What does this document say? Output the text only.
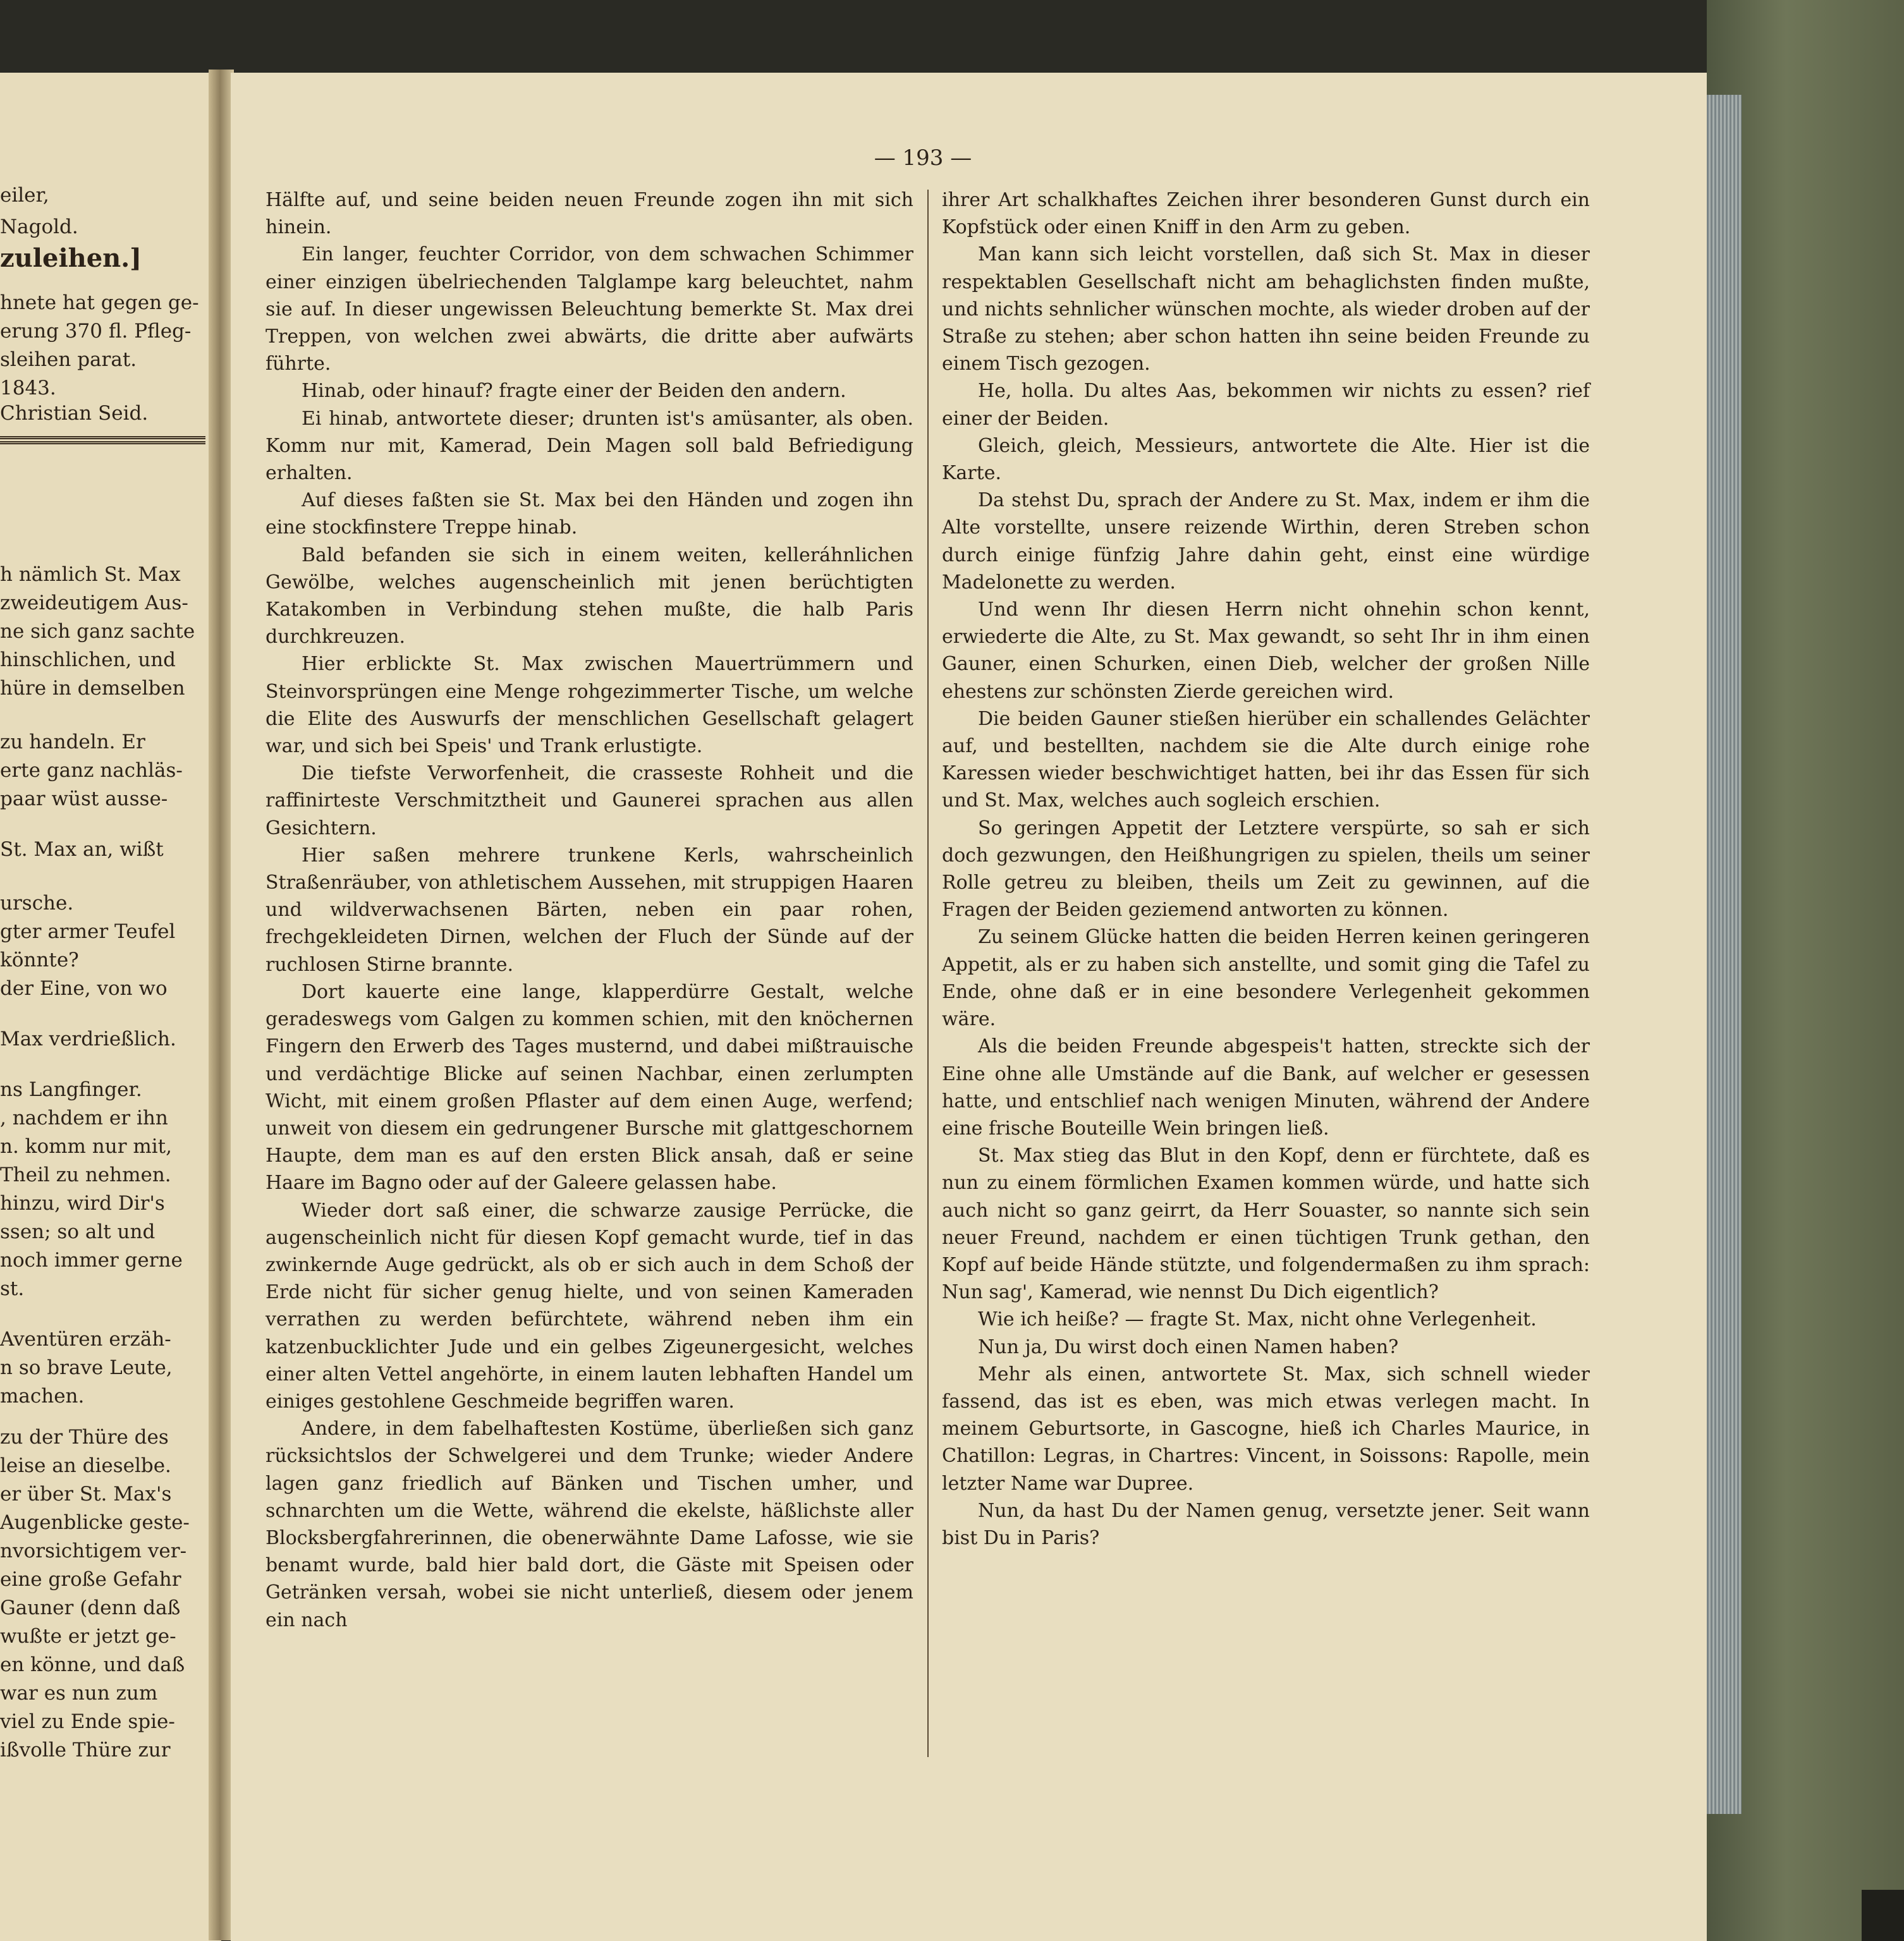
eiler,
Nagold.
zuleihen.]
hnete hat gegen ge-
erung 370 fl. Pfleg-
sleihen parat.
1843.
Christian Seid.
h nämlich St. Max
zweideutigem Aus-
ne sich ganz sachte
hinschlichen, und
hüre in demselben
zu handeln. Er
erte ganz nachläs-
paar wüst ausse-
St. Max an, wißt
ursche.
gter armer Teufel
könnte?
der Eine, von wo
Max verdrießlich.
ns Langfinger.
, nachdem er ihn
n. komm nur mit,
Theil zu nehmen.
hinzu, wird Dir's
ssen; so alt und
noch immer gerne
st.
Aventüren erzäh-
n so brave Leute,
machen.
zu der Thüre des
leise an dieselbe.
er über St. Max's
Augenblicke geste-
nvorsichtigem ver-
eine große Gefahr
Gauner (denn daß
wußte er jetzt ge-
en könne, und daß
war es nun zum
viel zu Ende spie-
ißvolle Thüre zur
— 193 —

Hälfte auf, und seine beiden neuen Freunde zogen ihn mit sich hinein.

Ein langer, feuchter Corridor, von dem schwachen Schimmer einer einzigen übelriechenden Talglampe karg beleuchtet, nahm sie auf. In dieser ungewissen Beleuchtung bemerkte St. Max drei Treppen, von welchen zwei abwärts, die dritte aber aufwärts führte.

Hinab, oder hinauf? fragte einer der Beiden den andern.

Ei hinab, antwortete dieser; drunten ist's amüsanter, als oben. Komm nur mit, Kamerad, Dein Magen soll bald Befriedigung erhalten.

Auf dieses faßten sie St. Max bei den Händen und zogen ihn eine stockfinstere Treppe hinab.

Bald befanden sie sich in einem weiten, kelleráhnlichen Gewölbe, welches augenscheinlich mit jenen berüchtigten Katakomben in Verbindung stehen mußte, die halb Paris durchkreuzen.

Hier erblickte St. Max zwischen Mauertrümmern und Steinvorsprüngen eine Menge rohgezimmerter Tische, um welche die Elite des Auswurfs der menschlichen Gesellschaft gelagert war, und sich bei Speis' und Trank erlustigte.

Die tiefste Verworfenheit, die crasseste Rohheit und die raffinirteste Verschmitztheit und Gaunerei sprachen aus allen Gesichtern.

Hier saßen mehrere trunkene Kerls, wahrscheinlich Straßenräuber, von athletischem Aussehen, mit struppigen Haaren und wildverwachsenen Bärten, neben ein paar rohen, frechgekleideten Dirnen, welchen der Fluch der Sünde auf der ruchlosen Stirne brannte.

Dort kauerte eine lange, klapperdürre Gestalt, welche geradeswegs vom Galgen zu kommen schien, mit den knöchernen Fingern den Erwerb des Tages musternd, und dabei mißtrauische und verdächtige Blicke auf seinen Nachbar, einen zerlumpten Wicht, mit einem großen Pflaster auf dem einen Auge, werfend; unweit von diesem ein gedrungener Bursche mit glattgeschornem Haupte, dem man es auf den ersten Blick ansah, daß er seine Haare im Bagno oder auf der Galeere gelassen habe.

Wieder dort saß einer, die schwarze zausige Perrücke, die augenscheinlich nicht für diesen Kopf gemacht wurde, tief in das zwinkernde Auge gedrückt, als ob er sich auch in dem Schoß der Erde nicht für sicher genug hielte, und von seinen Kameraden verrathen zu werden befürchtete, während neben ihm ein katzenbucklichter Jude und ein gelbes Zigeunergesicht, welches einer alten Vettel angehörte, in einem lauten lebhaften Handel um einiges gestohlene Geschmeide begriffen waren.

Andere, in dem fabelhaftesten Kostüme, überließen sich ganz rücksichtslos der Schwelgerei und dem Trunke; wieder Andere lagen ganz friedlich auf Bänken und Tischen umher, und schnarchten um die Wette, während die ekelste, häßlichste aller Blocksbergfahrerinnen, die obenerwähnte Dame Lafosse, wie sie benamt wurde, bald hier bald dort, die Gäste mit Speisen oder Getränken versah, wobei sie nicht unterließ, diesem oder jenem ein nach

ihrer Art schalkhaftes Zeichen ihrer besonderen Gunst durch ein Kopfstück oder einen Kniff in den Arm zu geben.

Man kann sich leicht vorstellen, daß sich St. Max in dieser respektablen Gesellschaft nicht am behaglichsten finden mußte, und nichts sehnlicher wünschen mochte, als wieder droben auf der Straße zu stehen; aber schon hatten ihn seine beiden Freunde zu einem Tisch gezogen.

He, holla. Du altes Aas, bekommen wir nichts zu essen? rief einer der Beiden.

Gleich, gleich, Messieurs, antwortete die Alte. Hier ist die Karte.

Da stehst Du, sprach der Andere zu St. Max, indem er ihm die Alte vorstellte, unsere reizende Wirthin, deren Streben schon durch einige fünfzig Jahre dahin geht, einst eine würdige Madelonette zu werden.

Und wenn Ihr diesen Herrn nicht ohnehin schon kennt, erwiederte die Alte, zu St. Max gewandt, so seht Ihr in ihm einen Gauner, einen Schurken, einen Dieb, welcher der großen Nille ehestens zur schönsten Zierde gereichen wird.

Die beiden Gauner stießen hierüber ein schallendes Gelächter auf, und bestellten, nachdem sie die Alte durch einige rohe Karessen wieder beschwichtiget hatten, bei ihr das Essen für sich und St. Max, welches auch sogleich erschien.

So geringen Appetit der Letztere verspürte, so sah er sich doch gezwungen, den Heißhungrigen zu spielen, theils um seiner Rolle getreu zu bleiben, theils um Zeit zu gewinnen, auf die Fragen der Beiden geziemend antworten zu können.

Zu seinem Glücke hatten die beiden Herren keinen geringeren Appetit, als er zu haben sich anstellte, und somit ging die Tafel zu Ende, ohne daß er in eine besondere Verlegenheit gekommen wäre.

Als die beiden Freunde abgespeis't hatten, streckte sich der Eine ohne alle Umstände auf die Bank, auf welcher er gesessen hatte, und entschlief nach wenigen Minuten, während der Andere eine frische Bouteille Wein bringen ließ.

St. Max stieg das Blut in den Kopf, denn er fürchtete, daß es nun zu einem förmlichen Examen kommen würde, und hatte sich auch nicht so ganz geirrt, da Herr Souaster, so nannte sich sein neuer Freund, nachdem er einen tüchtigen Trunk gethan, den Kopf auf beide Hände stützte, und folgendermaßen zu ihm sprach: Nun sag', Kamerad, wie nennst Du Dich eigentlich?

Wie ich heiße? — fragte St. Max, nicht ohne Verlegenheit.

Nun ja, Du wirst doch einen Namen haben?

Mehr als einen, antwortete St. Max, sich schnell wieder fassend, das ist es eben, was mich etwas verlegen macht. In meinem Geburtsorte, in Gascogne, hieß ich Charles Maurice, in Chatillon: Legras, in Chartres: Vincent, in Soissons: Rapolle, mein letzter Name war Dupree.

Nun, da hast Du der Namen genug, versetzte jener. Seit wann bist Du in Paris?
